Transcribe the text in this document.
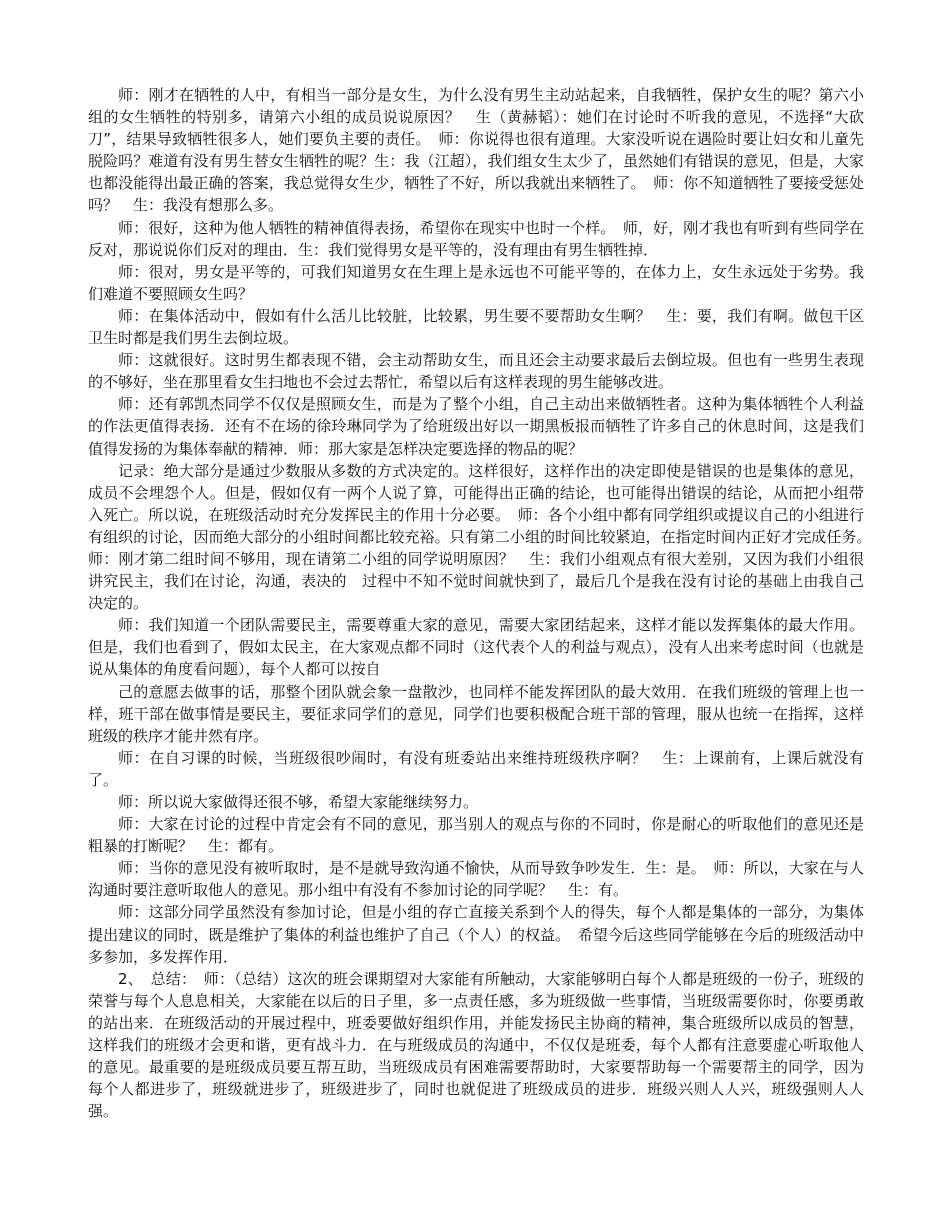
师：刚才在牺牲的人中，有相当一部分是女生，为什么没有男生主动站起来，自我牺牲，保护女生的呢？第六小组的女生牺牲的特别多，请第六小组的成员说说原因？　生（黄赫韬）：她们在讨论时不听我的意见，不选择“大砍刀”，结果导致牺牲很多人，她们要负主要的责任。　师：你说得也很有道理。大家没听说在遇险时要让妇女和儿童先脱险吗？难道有没有男生替女生牺牲的呢？生：我（江超），我们组女生太少了，虽然她们有错误的意见，但是，大家也都没能得出最正确的答案，我总觉得女生少，牺牲了不好，所以我就出来牺牲了。　师：你不知道牺牲了要接受惩处吗？　生：我没有想那么多。

师：很好，这种为他人牺牲的精神值得表扬，希望你在现实中也时一个样。　师，好，刚才我也有听到有些同学在反对，那说说你们反对的理由．生：我们觉得男女是平等的，没有理由有男生牺牲掉．

师：很对，男女是平等的，可我们知道男女在生理上是永远也不可能平等的，在体力上，女生永远处于劣势。我们难道不要照顾女生吗？

师：在集体活动中，假如有什么活儿比较脏，比较累，男生要不要帮助女生啊？　生：要，我们有啊。做包干区卫生时都是我们男生去倒垃圾。

师：这就很好。这时男生都表现不错，会主动帮助女生，而且还会主动要求最后去倒垃圾。但也有一些男生表现的不够好，坐在那里看女生扫地也不会过去帮忙，希望以后有这样表现的男生能够改进。

师：还有郭凯杰同学不仅仅是照顾女生，而是为了整个小组，自己主动出来做牺牲者。这种为集体牺牲个人利益的作法更值得表扬．还有不在场的徐玲琳同学为了给班级出好以一期黑板报而牺牲了许多自己的休息时间，这是我们值得发扬的为集体奉献的精神．师：那大家是怎样决定要选择的物品的呢？

记录：绝大部分是通过少数服从多数的方式决定的。这样很好，这样作出的决定即使是错误的也是集体的意见，成员不会埋怨个人。但是，假如仅有一两个人说了算，可能得出正确的结论，也可能得出错误的结论，从而把小组带入死亡。所以说，在班级活动时充分发挥民主的作用十分必要。　师：各个小组中都有同学组织或提议自己的小组进行有组织的讨论，因而绝大部分的小组时间都比较充裕。只有第二小组的时间比较紧迫，在指定时间内正好才完成任务。　师：刚才第二组时间不够用，现在请第二小组的同学说明原因？　生：我们小组观点有很大差别，又因为我们小组很讲究民主，我们在讨论，沟通，表决的　过程中不知不觉时间就快到了，最后几个是我在没有讨论的基础上由我自己决定的。

师：我们知道一个团队需要民主，需要尊重大家的意见，需要大家团结起来，这样才能以发挥集体的最大作用。但是，我们也看到了，假如太民主，在大家观点都不同时（这代表个人的利益与观点），没有人出来考虑时间（也就是说从集体的角度看问题），每个人都可以按自

己的意愿去做事的话，那整个团队就会象一盘散沙，也同样不能发挥团队的最大效用．在我们班级的管理上也一样，班干部在做事情是要民主，要征求同学们的意见，同学们也要积极配合班干部的管理，服从也统一在指挥，这样班级的秩序才能井然有序。

师：在自习课的时候，当班级很吵闹时，有没有班委站出来维持班级秩序啊？　生：上课前有，上课后就没有了。

师：所以说大家做得还很不够，希望大家能继续努力。

师：大家在讨论的过程中肯定会有不同的意见，那当别人的观点与你的不同时，你是耐心的听取他们的意见还是粗暴的打断呢？　生：都有。

师：当你的意见没有被听取时，是不是就导致沟通不愉快，从而导致争吵发生．生：是。　师：所以，大家在与人沟通时要注意听取他人的意见。那小组中有没有不参加讨论的同学呢？　生：有。

师：这部分同学虽然没有参加讨论，但是小组的存亡直接关系到个人的得失，每个人都是集体的一部分，为集体提出建议的同时，既是维护了集体的利益也维护了自己（个人）的权益。　希望今后这些同学能够在今后的班级活动中多参加，多发挥作用．

2、　总结：　师：（总结）这次的班会课期望对大家能有所触动，大家能够明白每个人都是班级的一份子，班级的荣誉与每个人息息相关，大家能在以后的日子里，多一点责任感，多为班级做一些事情，当班级需要你时，你要勇敢的站出来．在班级活动的开展过程中，班委要做好组织作用，并能发扬民主协商的精神，集合班级所以成员的智慧，这样我们的班级才会更和谐，更有战斗力．在与班级成员的沟通中，不仅仅是班委，每个人都有注意要虚心听取他人的意见。最重要的是班级成员要互帮互助，当班级成员有困难需要帮助时，大家要帮助每一个需要帮主的同学，因为每个人都进步了，班级就进步了，班级进步了，同时也就促进了班级成员的进步．班级兴则人人兴，班级强则人人强。
